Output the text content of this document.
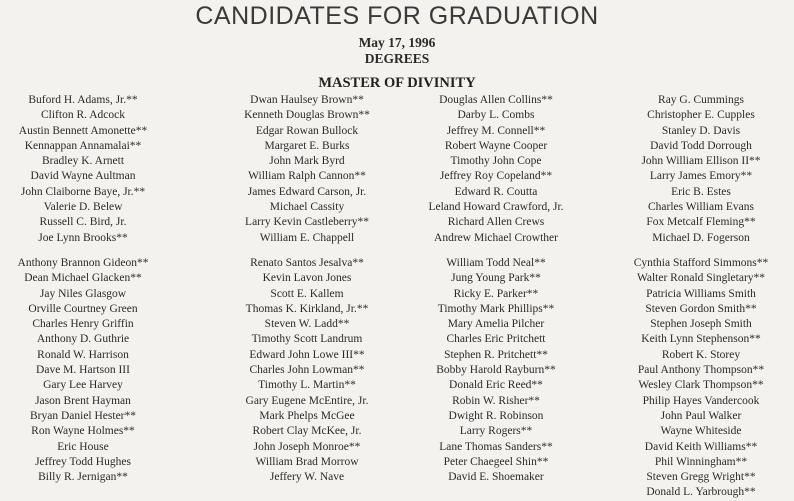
CANDIDATES FOR GRADUATION
May 17, 1996
DEGREES
MASTER OF DIVINITY
Buford H. Adams, Jr.**
Clifton R. Adcock
Austin Bennett Amonette**
Kennappan Annamalai**
Bradley K. Arnett
David Wayne Aultman
John Claiborne Baye, Jr.**
Valerie D. Belew
Russell C. Bird, Jr.
Joe Lynn Brooks**
Dwan Haulsey Brown**
Kenneth Douglas Brown**
Edgar Rowan Bullock
Margaret E. Burks
John Mark Byrd
William Ralph Cannon**
James Edward Carson, Jr.
Michael Cassity
Larry Kevin Castleberry**
William E. Chappell
Douglas Allen Collins**
Darby L. Combs
Jeffrey M. Connell**
Robert Wayne Cooper
Timothy John Cope
Jeffrey Roy Copeland**
Edward R. Coutta
Leland Howard Crawford, Jr.
Richard Allen Crews
Andrew Michael Crowther
Ray G. Cummings
Christopher E. Cupples
Stanley D. Davis
David Todd Dorrough
John William Ellison II**
Larry James Emory**
Eric B. Estes
Charles William Evans
Fox Metcalf Fleming**
Michael D. Fogerson
Anthony Brannon Gideon**
Dean Michael Glacken**
Jay Niles Glasgow
Orville Courtney Green
Charles Henry Griffin
Anthony D. Guthrie
Ronald W. Harrison
Dave M. Hartson III
Gary Lee Harvey
Jason Brent Hayman
Bryan Daniel Hester**
Ron Wayne Holmes**
Eric House
Jeffrey Todd Hughes
Billy R. Jernigan**
Renato Santos Jesalva**
Kevin Lavon Jones
Scott E. Kallem
Thomas K. Kirkland, Jr.**
Steven W. Ladd**
Timothy Scott Landrum
Edward John Lowe III**
Charles John Lowman**
Timothy L. Martin**
Gary Eugene McEntire, Jr.
Mark Phelps McGee
Robert Clay McKee, Jr.
John Joseph Monroe**
William Brad Morrow
Jeffery W. Nave
William Todd Neal**
Jung Young Park**
Ricky E. Parker**
Timothy Mark Phillips**
Mary Amelia Pilcher
Charles Eric Pritchett
Stephen R. Pritchett**
Bobby Harold Rayburn**
Donald Eric Reed**
Robin W. Risher**
Dwight R. Robinson
Larry Rogers**
Lane Thomas Sanders**
Peter Chaegeel Shin**
David E. Shoemaker
Cynthia Stafford Simmons**
Walter Ronald Singletary**
Patricia Williams Smith
Steven Gordon Smith**
Stephen Joseph Smith
Keith Lynn Stephenson**
Robert K. Storey
Paul Anthony Thompson**
Wesley Clark Thompson**
Philip Hayes Vandercook
John Paul Walker
Wayne Whiteside
David Keith Williams**
Phil Winningham**
Steven Gregg Wright**
Donald L. Yarbrough**
